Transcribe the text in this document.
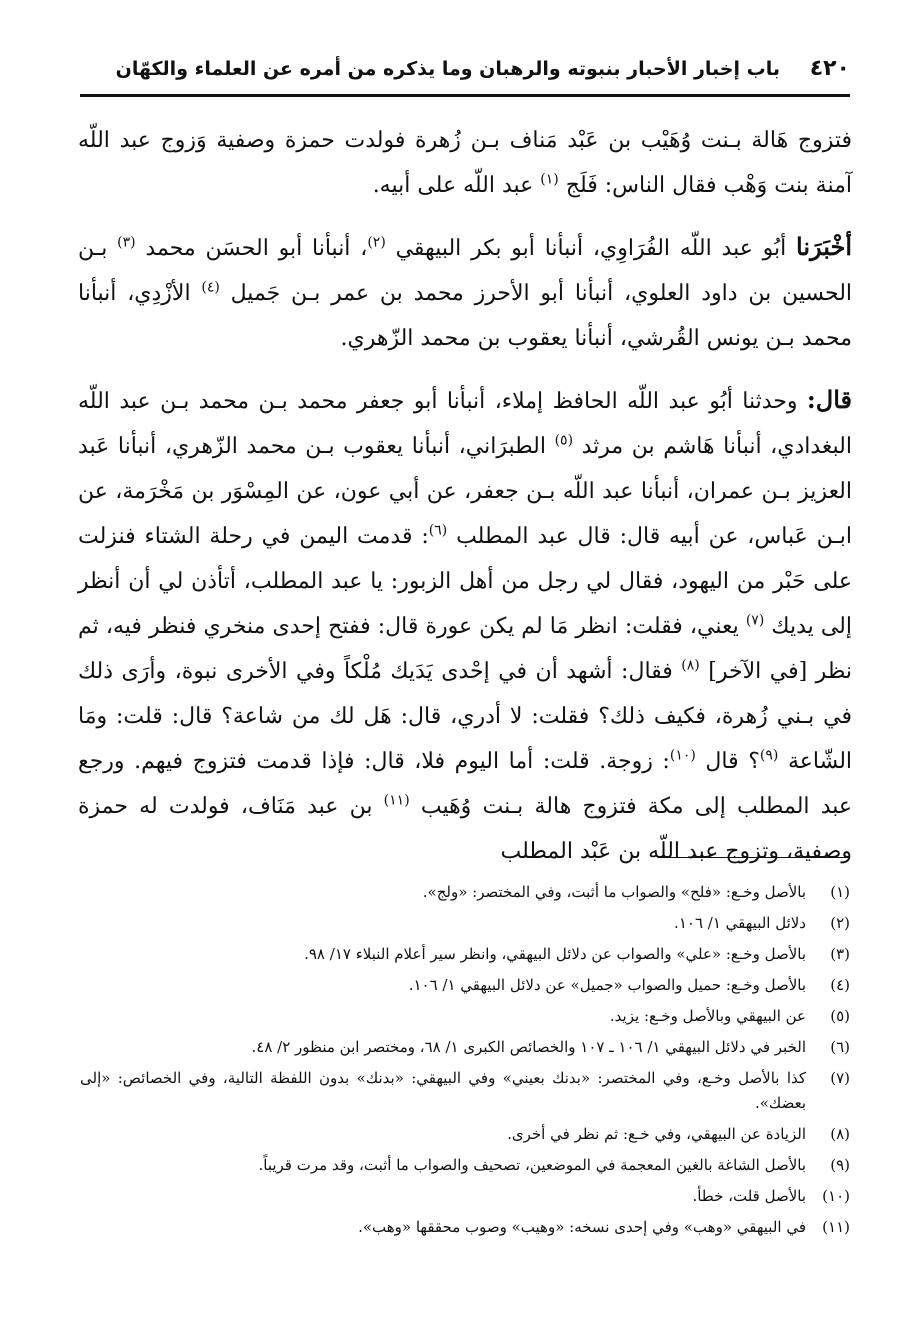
٤٢٠
باب إخبار الأحبار بنبوته والرهبان وما يذكره من أمره عن العلماء والكهّان

فتزوج هَالة بـنت وُهَيْب بن عَبْد مَناف بـن زُهرة فولدت حمزة وصفية وَزوج عبد اللّه آمنة بنت وَهْب فقال الناس: فَلَج $^{(١)}$ عبد اللّه على أبيه.

أخْبَرَنا أبُو عبد اللّه الفُرَاوِي، أنبأنا أبو بكر البيهقي $^{(٢)}$، أنبأنا أبو الحسَن محمد $^{(٣)}$ بـن الحسين بن داود العلوي، أنبأنا أبو الأحرز محمد بن عمر بـن جَميل $^{(٤)}$ الأزْدِي، أنبأنا محمد بـن يونس القُرشي، أنبأنا يعقوب بن محمد الزّهري.

قال: وحدثنا أبُو عبد اللّه الحافظ إملاء، أنبأنا أبو جعفر محمد بـن محمد بـن عبد اللّه البغدادي، أنبأنا هَاشم بن مرثد $^{(٥)}$ الطبرَاني، أنبأنا يعقوب بـن محمد الزّهري، أنبأنا عَبد العزيز بـن عمران، أنبأنا عبد اللّه بـن جعفر، عن أبي عون، عن المِسْوَر بن مَخْرَمة، عن ابـن عَباس، عن أبيه قال: قال عبد المطلب $^{(٦)}$: قدمت اليمن في رحلة الشتاء فنزلت على حَبْر من اليهود، فقال لي رجل من أهل الزبور: يا عبد المطلب، أتأذن لي أن أنظر إلى يديك $^{(٧)}$ يعني، فقلت: انظر مَا لم يكن عورة قال: ففتح إحدى منخري فنظر فيه، ثم نظر [في الآخر] $^{(٨)}$ فقال: أشهد أن في إحْدى يَدَيك مُلْكاً وفي الأخرى نبوة، وأرَى ذلك في بـني زُهرة، فكيف ذلك؟ فقلت: لا أدري، قال: هَل لك من شاعة؟ قال: قلت: ومَا الشّاعة $^{(٩)}$؟ قال $^{(١٠)}$: زوجة. قلت: أما اليوم فلا، قال: فإذا قدمت فتزوج فيهم. ورجع عبد المطلب إلى مكة فتزوج هالة بـنت وُهَيب $^{(١١)}$ بن عبد مَنَاف، فولدت له حمزة وصفية، وتزوج عبد اللّه بن عَبْد المطلب

(١)
بالأصل وخـع: «فلح» والصواب ما أثبت، وفي المختصر: «ولج».
(٢)
دلائل البيهقي ١/ ١٠٦.
(٣)
بالأصل وخـع: «علي» والصواب عن دلائل البيهقي، وانظر سير أعلام النبلاء ١٧/ ٩٨.
(٤)
بالأصل وخـع: حميل والصواب «جميل» عن دلائل البيهقي ١/ ١٠٦.
(٥)
عن البيهقي وبالأصل وخـع: يزيد.
(٦)
الخبر في دلائل البيهقي ١/ ١٠٦ ـ ١٠٧ والخصائص الكبرى ١/ ٦٨، ومختصر ابن منظور ٢/ ٤٨.
(٧)
كذا بالأصل وخـع، وفي المختصر: «بدنك بعيني» وفي البيهقي: «بدنك» بدون اللفظة التالية، وفي الخصائص: «إلى بعضك».
(٨)
الزيادة عن البيهقي، وفي خـع: ثم نظر في أخرى.
(٩)
بالأصل الشاغة بالغين المعجمة في الموضعين، تصحيف والصواب ما أثبت، وقد مرت قريباً.
(١٠)
بالأصل قلت، خطأ.
(١١)
في البيهقي «وهب» وفي إحدى نسخه: «وهيب» وصوب محققها «وهب».
